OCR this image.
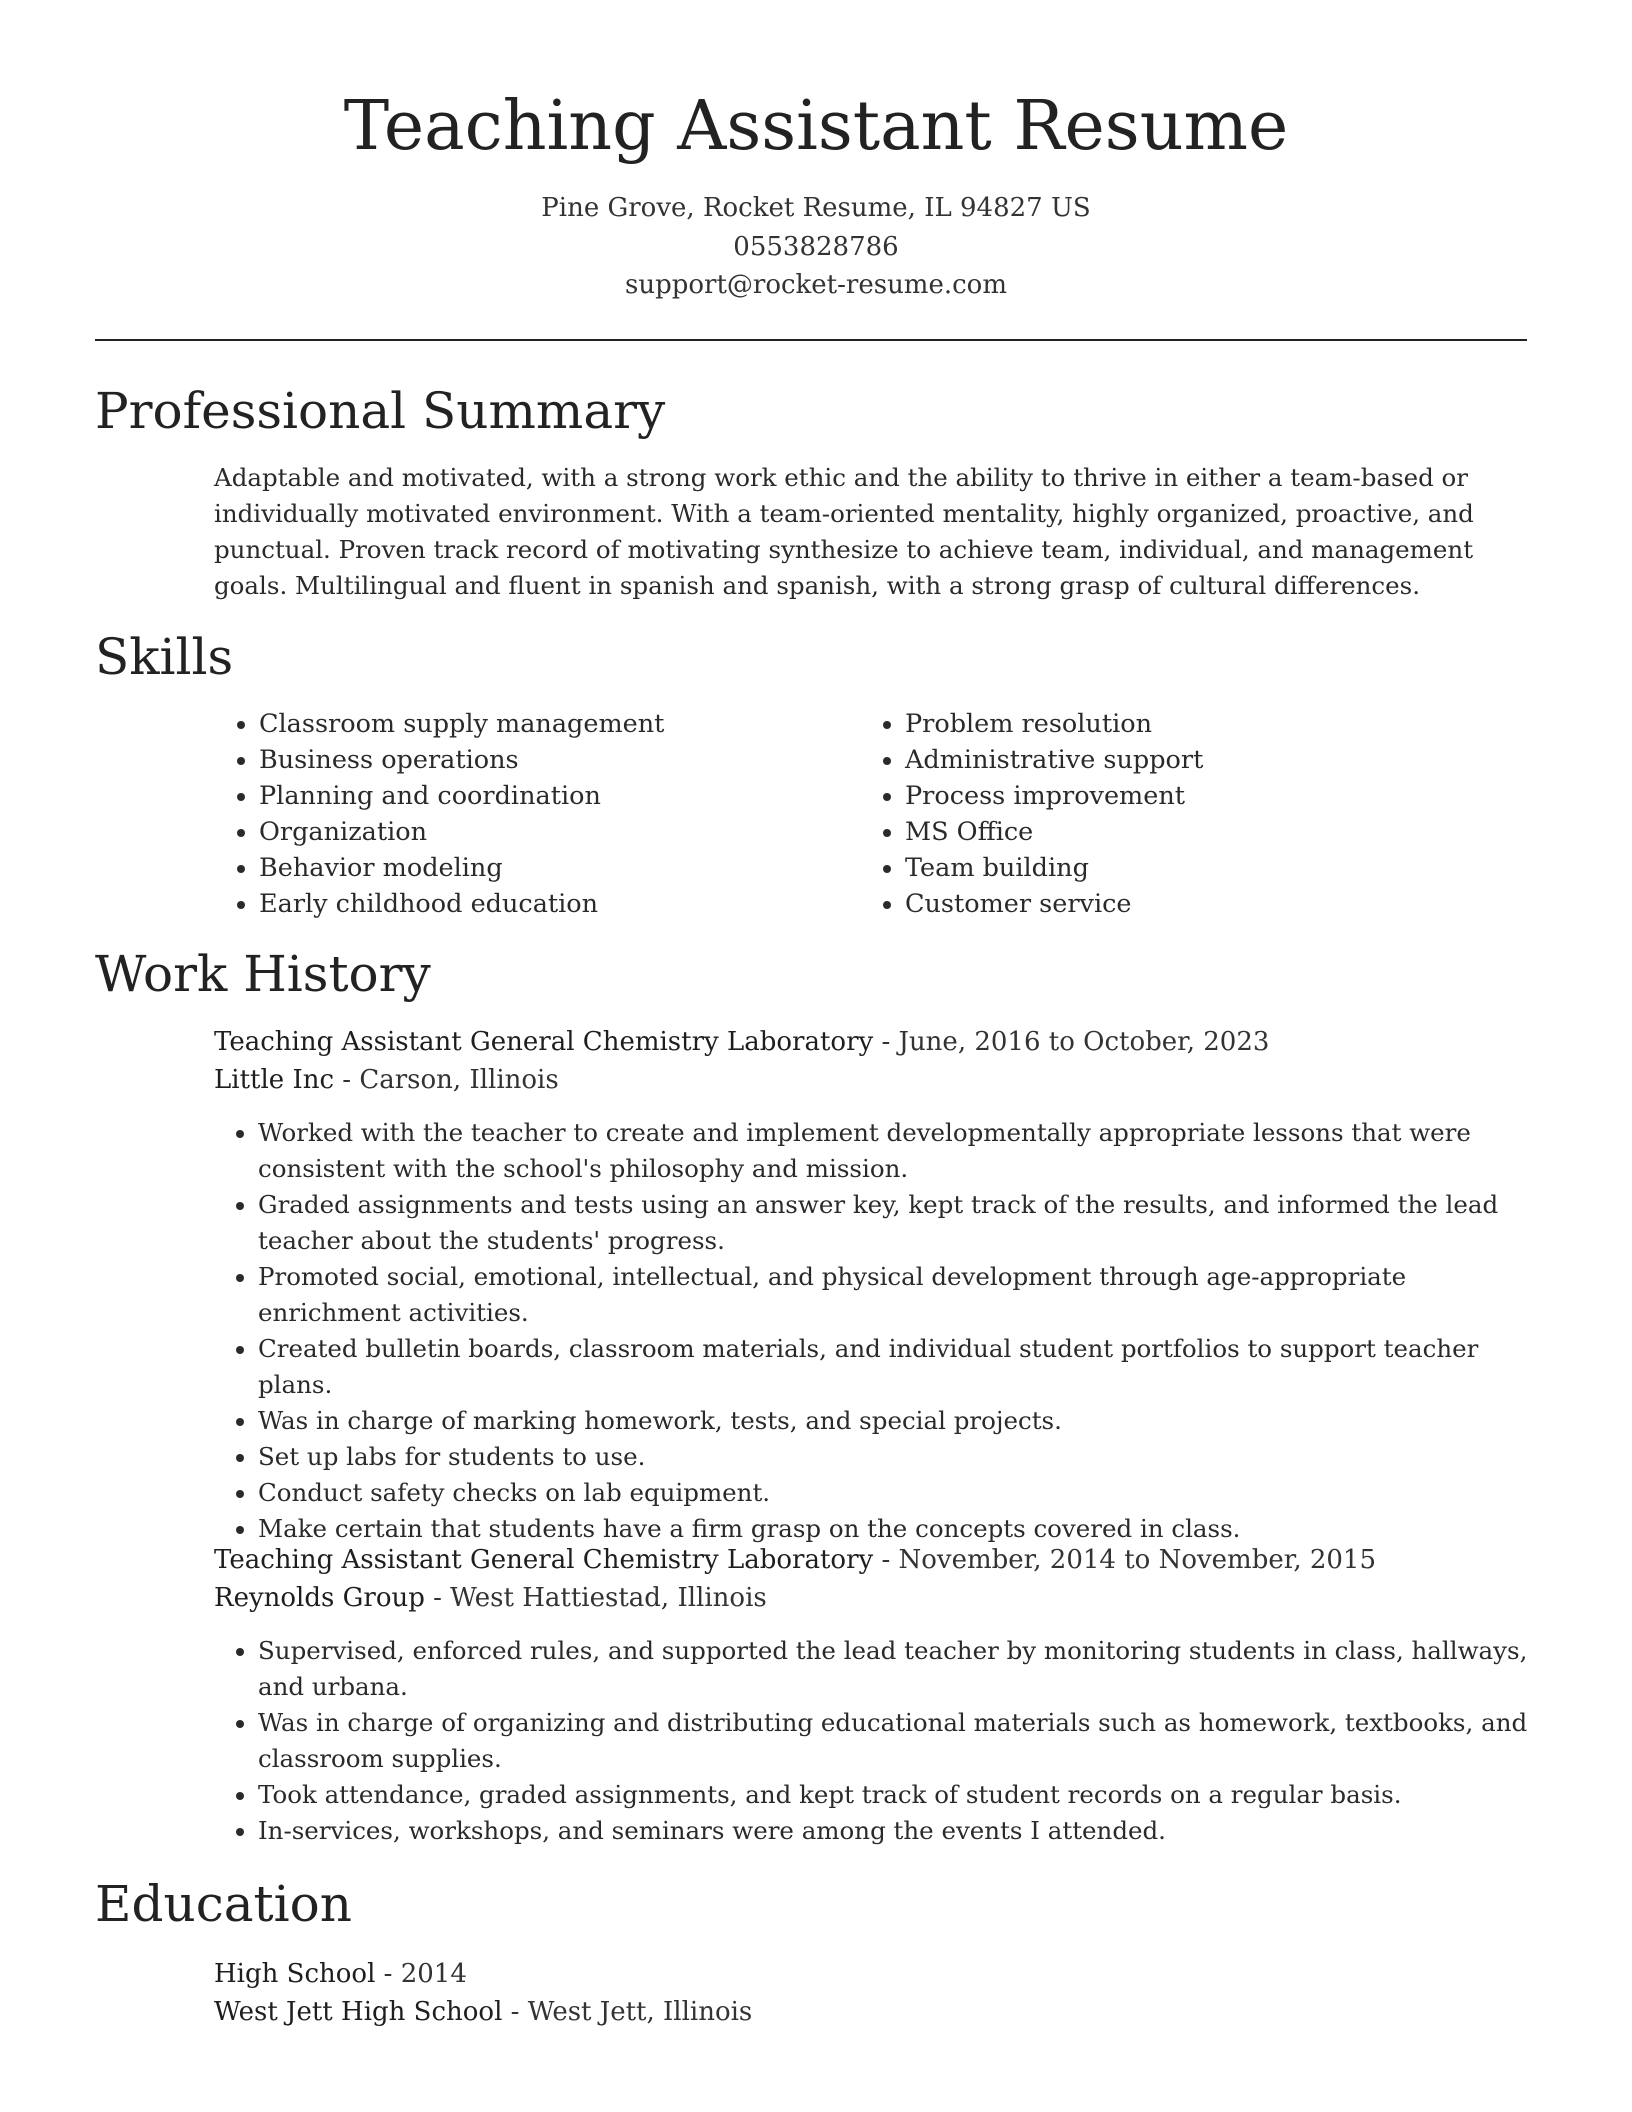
Teaching Assistant Resume
Pine Grove, Rocket Resume, IL 94827 US
0553828786
support@rocket-resume.com
Professional Summary

Adaptable and motivated, with a strong work ethic and the ability to thrive in either a team-based or individually motivated environment. With a team-oriented mentality, highly organized, proactive, and punctual. Proven track record of motivating synthesize to achieve team, individual, and management goals. Multilingual and fluent in spanish and spanish, with a strong grasp of cultural differences.

Skills
• Classroom supply management
• Business operations
• Planning and coordination
• Organization
• Behavior modeling
• Early childhood education
• Problem resolution
• Administrative support
• Process improvement
• MS Office
• Team building
• Customer service
Work History
Teaching Assistant General Chemistry Laboratory - June, 2016 to October, 2023
Little Inc - Carson, Illinois
• Worked with the teacher to create and implement developmentally appropriate lessons that were consistent with the school's philosophy and mission.
• Graded assignments and tests using an answer key, kept track of the results, and informed the lead teacher about the students' progress.
• Promoted social, emotional, intellectual, and physical development through age-appropriate enrichment activities.
• Created bulletin boards, classroom materials, and individual student portfolios to support teacher plans.
• Was in charge of marking homework, tests, and special projects.
• Set up labs for students to use.
• Conduct safety checks on lab equipment.
• Make certain that students have a firm grasp on the concepts covered in class.
Teaching Assistant General Chemistry Laboratory - November, 2014 to November, 2015
Reynolds Group - West Hattiestad, Illinois
• Supervised, enforced rules, and supported the lead teacher by monitoring students in class, hallways, and urbana.
• Was in charge of organizing and distributing educational materials such as homework, textbooks, and classroom supplies.
• Took attendance, graded assignments, and kept track of student records on a regular basis.
• In-services, workshops, and seminars were among the events I attended.
Education
High School - 2014
West Jett High School - West Jett, Illinois
